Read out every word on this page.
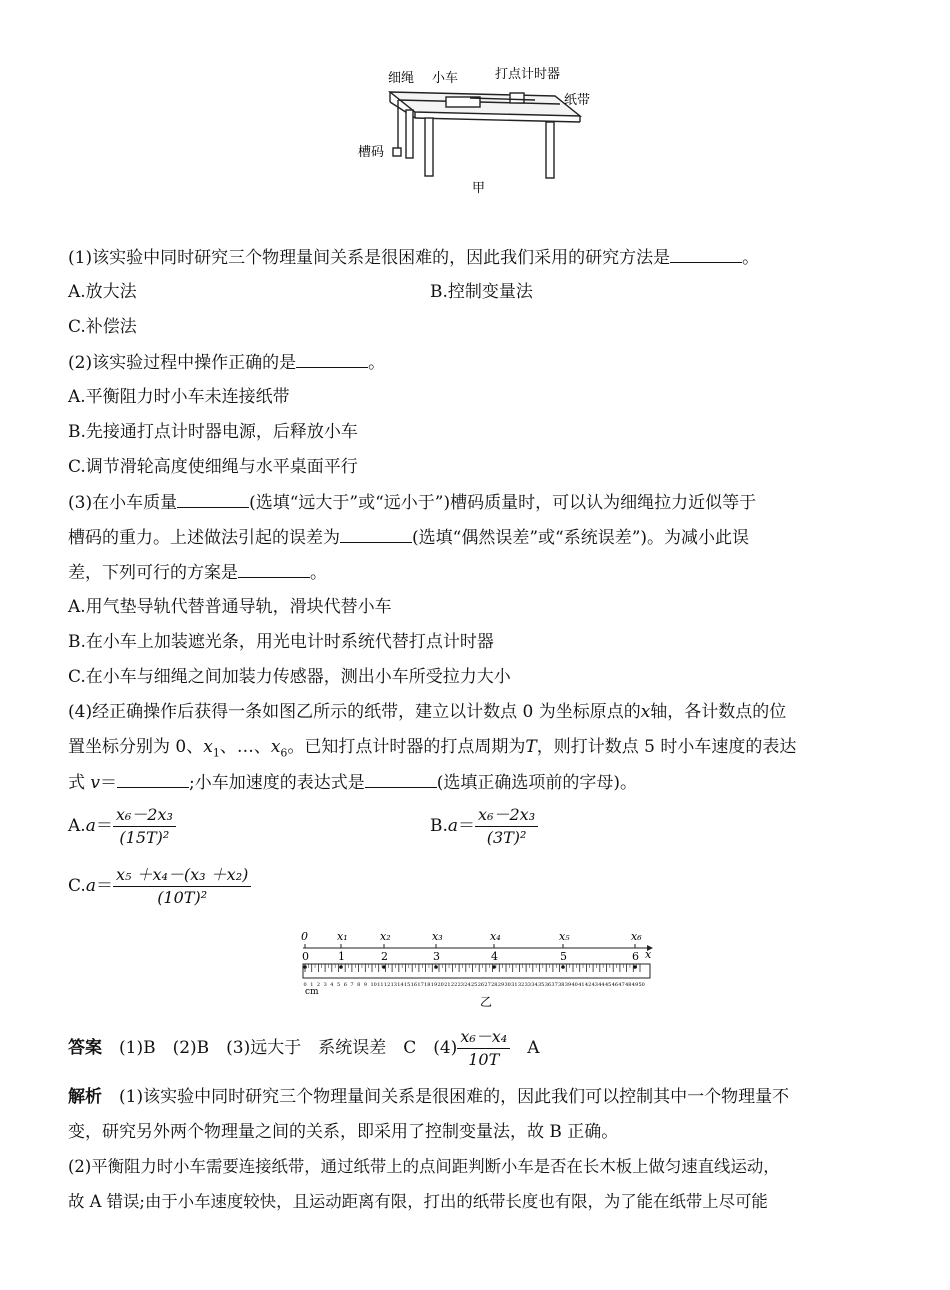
细绳 小车	打点计时器
纸带
槽码
甲
(1)该实验中同时研究三个物理量间关系是很困难的，因此我们采用的研究方法是	。
A.放大法	B.控制变量法
C.补偿法
(2)该实验过程中操作正确的是	。
A.平衡阻力时小车未连接纸带
B.先接通打点计时器电源，后释放小车
C.调节滑轮高度使细绳与水平桌面平行
(3)在小车质量	(选填“远大于”或“远小于”)槽码质量时，可以认为细绳拉力近似等于
槽码的重力。上述做法引起的误差为	(选填“偶然误差”或“系统误差”)。为减小此误
差，下列可行的方案是	。
A.用气垫导轨代替普通导轨，滑块代替小车
B.在小车上加装遮光条，用光电计时系统代替打点计时器
C.在小车与细绳之间加装力传感器，测出小车所受拉力大小
(4)经正确操作后获得一条如图乙所示的纸带，建立以计数点 0 为坐标原点的x轴，各计数点的位
置坐标分别为 0、$x_1$、…、$x_6$。已知打点计时器的打点周期为T，则打计数点 5 时小车速度的表达
式 v＝	;小车加速度的表达式是	(选填正确选项前的字母)。
$A.a= \frac{\text{x₆－2x₃}}{\text{(15T)²}}$	$B.a= \frac{\text{x₆－2x₃}}{\text{(3T)²}}$
$C.a= \frac{\text{x₅ ＋x₄－(x₃ ＋x₂)}}{\text{(10T)²}}$
0
0
x₁
1
x₂
2
x₃
3
x₄
4
x₅
5
x₆
6
0 1 2 3 4 5 6 7 8 9 10 11 12 13 14 15 16 17 18 19 20 21 22 23 24 25 26 27 28 29 30 31 32 33 34 35 36 37 38 39 40 41 42 43 44 45 46 47 48 49 50
x
cm
乙
答案　 (1)B　(2)B　(3)远大于　系统误差　C　$(4) \frac{\text{x₆－x₄}}{10T}$
　 A
解析　 (1)该实验中同时研究三个物理量间关系是很困难的，因此我们可以控制其中一个物理量不
变，研究另外两个物理量之间的关系，即采用了控制变量法，故 B 正确。
(2)平衡阻力时小车需要连接纸带，通过纸带上的点间距判断小车是否在长木板上做匀速直线运动，
故 A 错误;由于小车速度较快，且运动距离有限，打出的纸带长度也有限，为了能在纸带上尽可能
